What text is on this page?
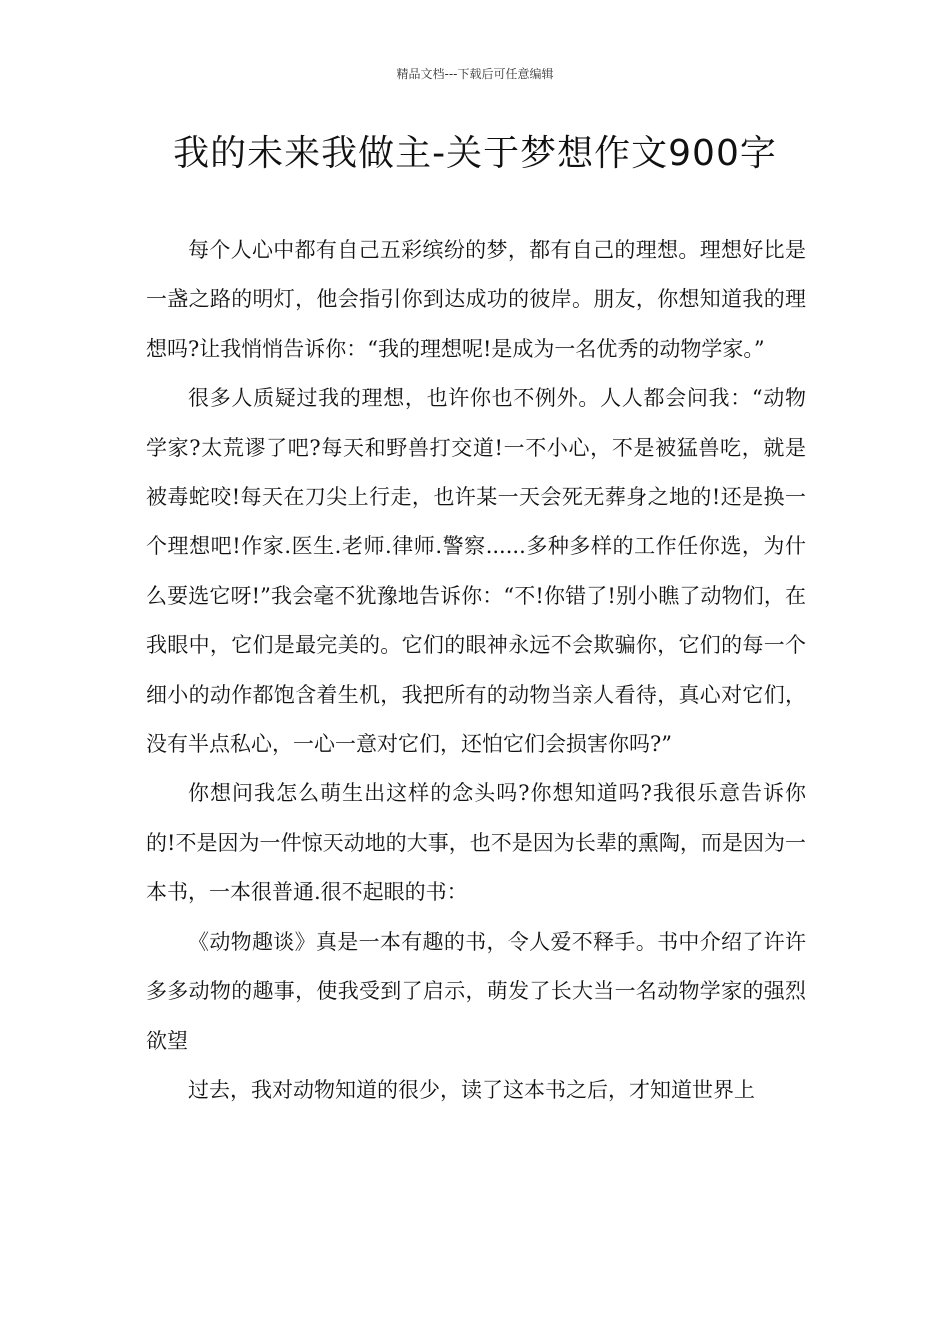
精品文档---下载后可任意编辑
我的未来我做主-关于梦想作文900字

每个人心中都有自己五彩缤纷的梦，都有自己的理想。理想好比是一盏之路的明灯，他会指引你到达成功的彼岸。朋友，你想知道我的理想吗?让我悄悄告诉你：“我的理想呢!是成为一名优秀的动物学家。”

很多人质疑过我的理想，也许你也不例外。人人都会问我：“动物学家?太荒谬了吧?每天和野兽打交道!一不小心，不是被猛兽吃，就是被毒蛇咬!每天在刀尖上行走，也许某一天会死无葬身之地的!还是换一个理想吧!作家.医生.老师.律师.警察......多种多样的工作任你选，为什么要选它呀!”我会毫不犹豫地告诉你：“不!你错了!别小瞧了动物们，在我眼中，它们是最完美的。它们的眼神永远不会欺骗你，它们的每一个细小的动作都饱含着生机，我把所有的动物当亲人看待，真心对它们，没有半点私心，一心一意对它们，还怕它们会损害你吗?”

你想问我怎么萌生出这样的念头吗?你想知道吗?我很乐意告诉你的!不是因为一件惊天动地的大事，也不是因为长辈的熏陶，而是因为一本书，一本很普通.很不起眼的书：

《动物趣谈》真是一本有趣的书，令人爱不释手。书中介绍了许许多多动物的趣事，使我受到了启示，萌发了长大当一名动物学家的强烈欲望

过去，我对动物知道的很少，读了这本书之后，才知道世界上
